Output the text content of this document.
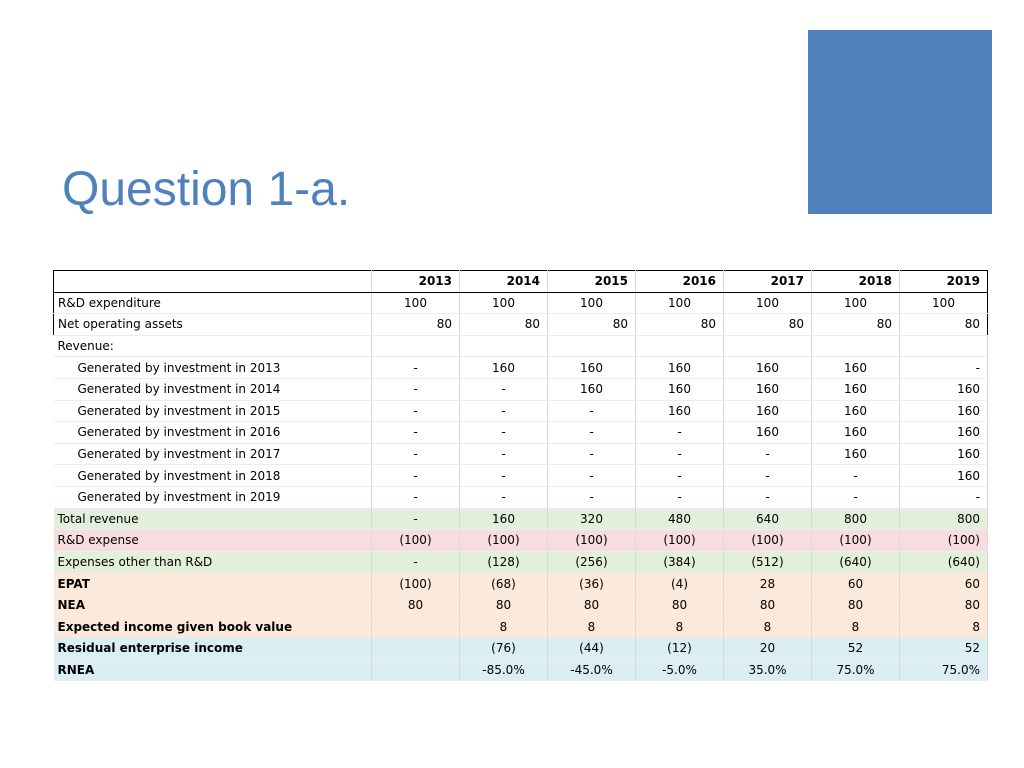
Question 1-a.
	2013	2014	2015	2016	2017	2018	2019
R&D expenditure	100	100	100	100	100	100	100
Net operating assets	80	80	80	80	80	80	80
Revenue:							
Generated by investment in 2013	-	160	160	160	160	160	-
Generated by investment in 2014	-	-	160	160	160	160	160
Generated by investment in 2015	-	-	-	160	160	160	160
Generated by investment in 2016	-	-	-	-	160	160	160
Generated by investment in 2017	-	-	-	-	-	160	160
Generated by investment in 2018	-	-	-	-	-	-	160
Generated by investment in 2019	-	-	-	-	-	-	-
Total revenue	-	160	320	480	640	800	800
R&D expense	(100)	(100)	(100)	(100)	(100)	(100)	(100)
Expenses other than R&D	-	(128)	(256)	(384)	(512)	(640)	(640)
EPAT	(100)	(68)	(36)	(4)	28	60	60
NEA	80	80	80	80	80	80	80
Expected income given book value		8	8	8	8	8	8
Residual enterprise income		(76)	(44)	(12)	20	52	52
RNEA		-85.0%	-45.0%	-5.0%	35.0%	75.0%	75.0%
